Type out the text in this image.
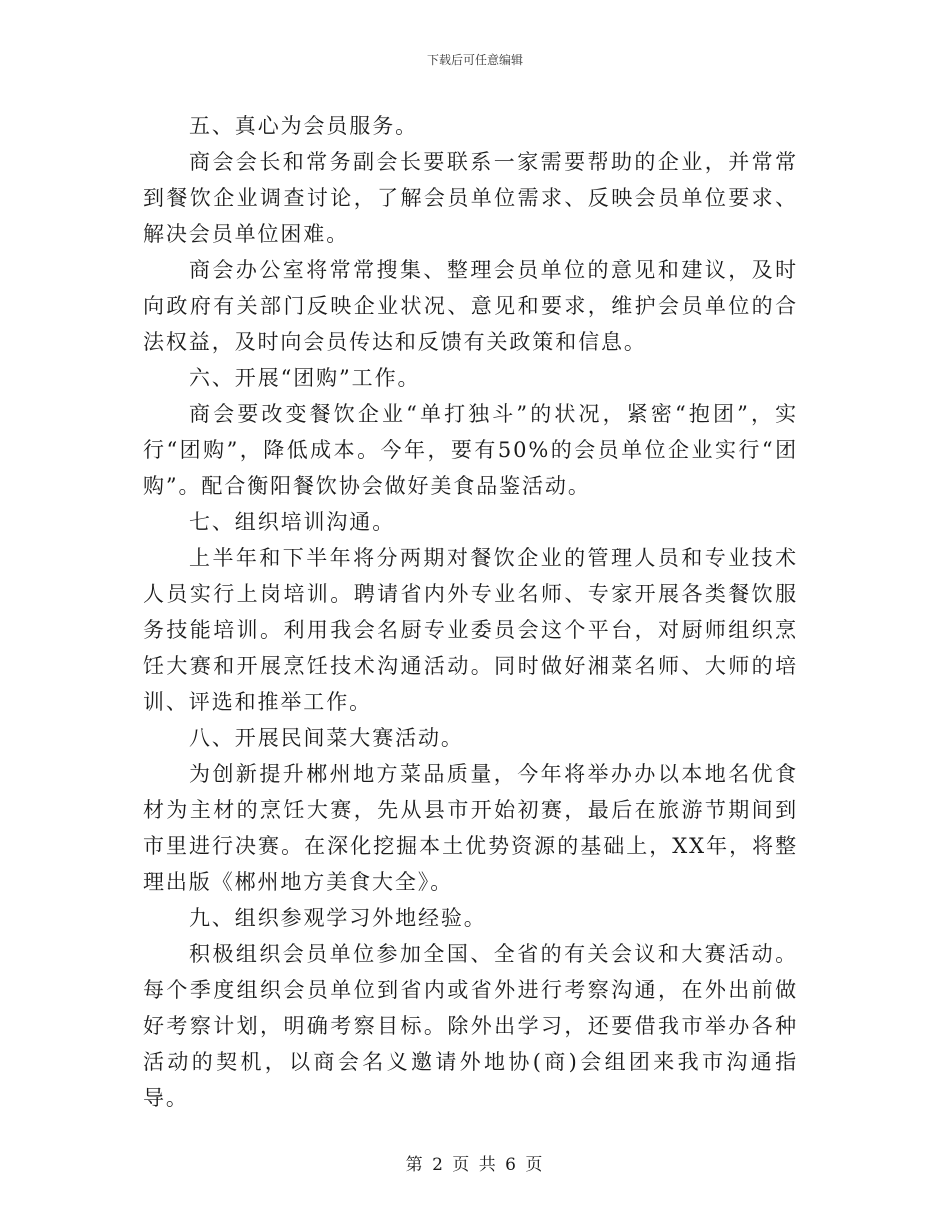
下载后可任意编辑

五、真心为会员服务。

商会会长和常务副会长要联系一家需要帮助的企业，并常常到餐饮企业调查讨论，了解会员单位需求、反映会员单位要求、解决会员单位困难。

商会办公室将常常搜集、整理会员单位的意见和建议，及时向政府有关部门反映企业状况、意见和要求，维护会员单位的合法权益，及时向会员传达和反馈有关政策和信息。

六、开展“团购”工作。

商会要改变餐饮企业“单打独斗”的状况，紧密“抱团”，实行“团购”，降低成本。今年，要有50%的会员单位企业实行“团购”。配合衡阳餐饮协会做好美食品鉴活动。

七、组织培训沟通。

上半年和下半年将分两期对餐饮企业的管理人员和专业技术人员实行上岗培训。聘请省内外专业名师、专家开展各类餐饮服务技能培训。利用我会名厨专业委员会这个平台，对厨师组织烹饪大赛和开展烹饪技术沟通活动。同时做好湘菜名师、大师的培训、评选和推举工作。

八、开展民间菜大赛活动。

为创新提升郴州地方菜品质量，今年将举办办以本地名优食材为主材的烹饪大赛，先从县市开始初赛，最后在旅游节期间到市里进行决赛。在深化挖掘本土优势资源的基础上，XX年，将整理出版《郴州地方美食大全》。

九、组织参观学习外地经验。

积极组织会员单位参加全国、全省的有关会议和大赛活动。每个季度组织会员单位到省内或省外进行考察沟通，在外出前做好考察计划，明确考察目标。除外出学习，还要借我市举办各种活动的契机，以商会名义邀请外地协(商)会组团来我市沟通指导。

第 2 页 共 6 页
